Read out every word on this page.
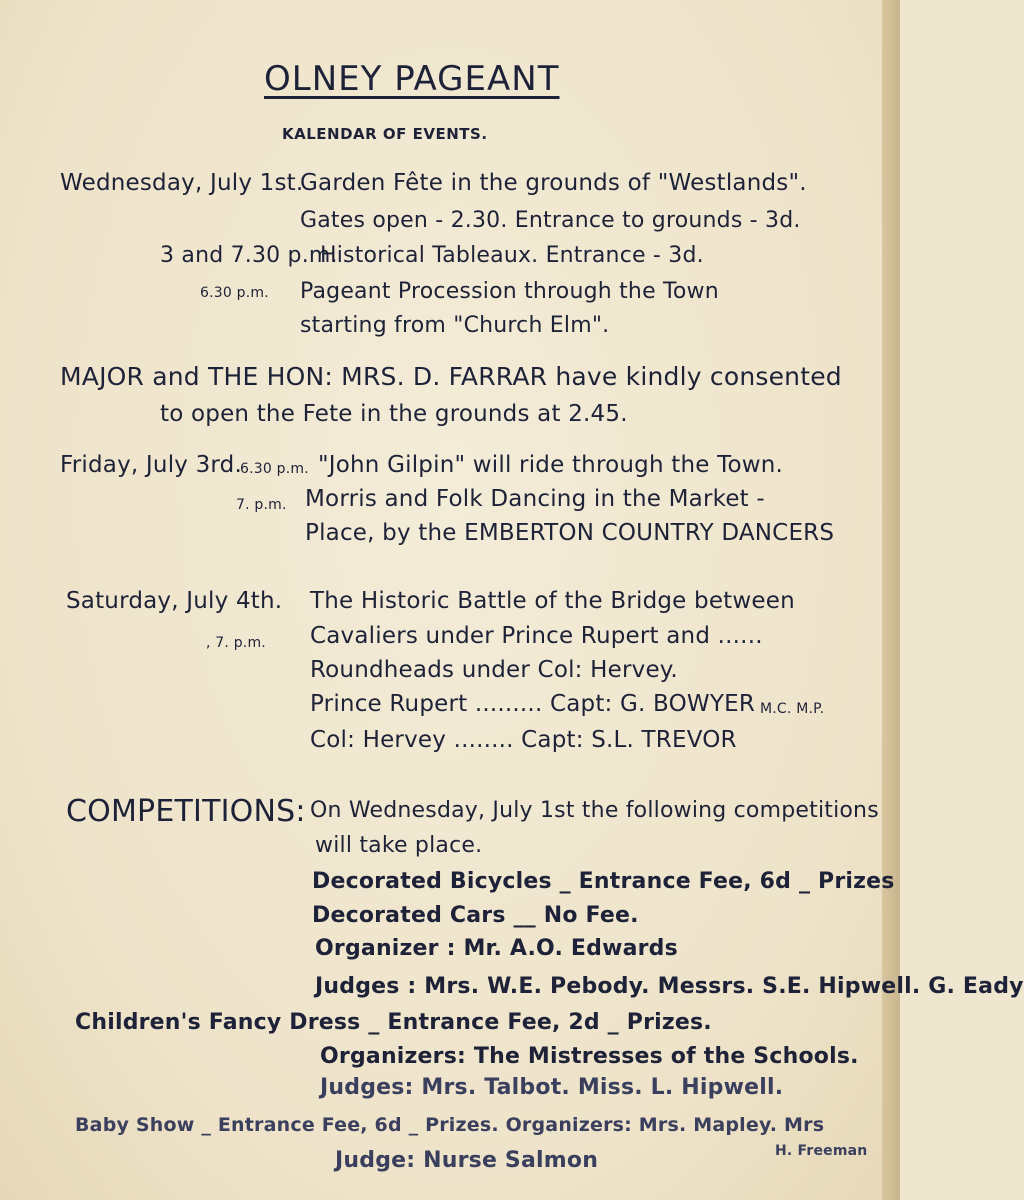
OLNEY PAGEANT
KALENDAR OF EVENTS.
Wednesday, July 1st.
Garden Fête in the grounds of "Westlands".
Gates open - 2.30. Entrance to grounds - 3d.
3 and 7.30 p.m.
Historical Tableaux. Entrance - 3d.
6.30 p.m. Pageant Procession through the Town
starting from "Church Elm".
MAJOR and THE HON: MRS. D. FARRAR have kindly consented
to open the Fete in the grounds at 2.45.
Friday, July 3rd.
6.30 p.m. "John Gilpin" will ride through the Town.
7. p.m. Morris and Folk Dancing in the Market -
Place, by the EMBERTON COUNTRY DANCERS
Saturday, July 4th.
, 7. p.m.
The Historic Battle of the Bridge between
Cavaliers under Prince Rupert and ......
Roundheads under Col: Hervey.
Prince Rupert ......... Capt: G. BOWYER M.C. M.P.
Col: Hervey ........ Capt: S.L. TREVOR
COMPETITIONS: On Wednesday, July 1st the following competitions
will take place.
Decorated Bicycles _ Entrance Fee, 6d _ Prizes
Decorated Cars __ No Fee.
Organizer : Mr. A.O. Edwards
Judges : Mrs. W.E. Pebody. Messrs. S.E. Hipwell. G. Eady
Children's Fancy Dress _ Entrance Fee, 2d _ Prizes.
Organizers: The Mistresses of the Schools.
Judges: Mrs. Talbot. Miss. L. Hipwell.
Baby Show _ Entrance Fee, 6d _ Prizes. Organizers: Mrs. Mapley. Mrs
H. Freeman
Judge: Nurse Salmon
